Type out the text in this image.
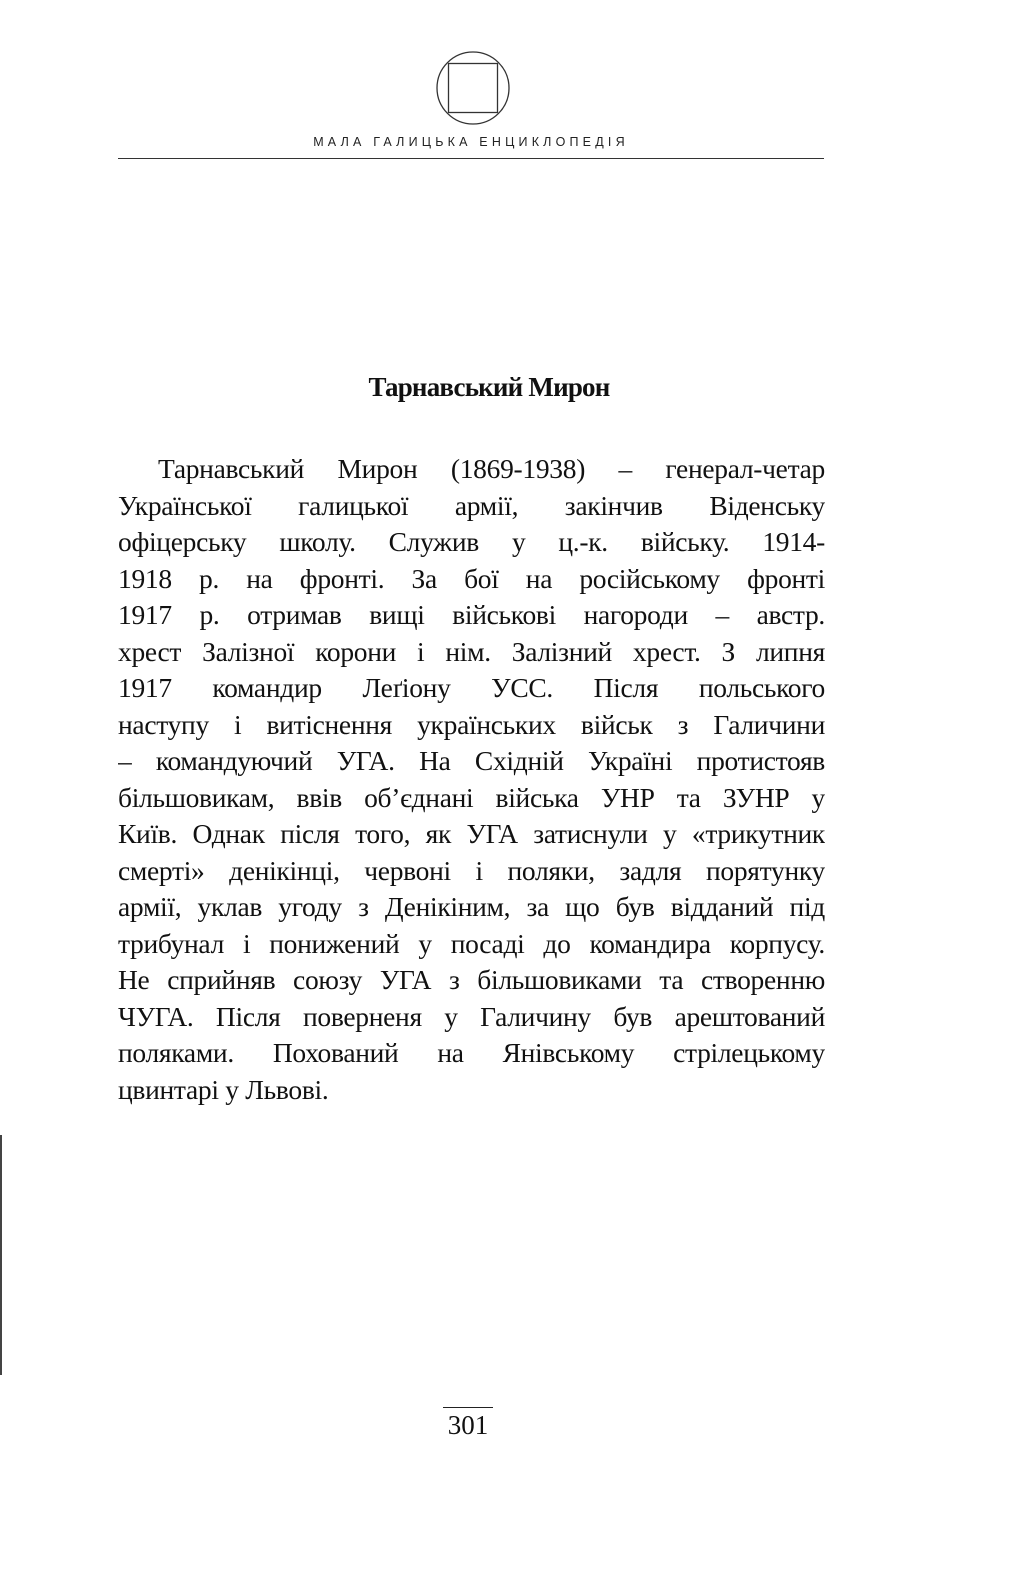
МАЛА ГАЛИЦЬКА ЕНЦИКЛОПЕДІЯ
Тарнавський Мирон
Тарнавський Мирон (1869-1938) – генерал-четар
Української галицької армії, закінчив Віденську
офіцерську школу. Служив у ц.-к. війську. 1914-
1918 р. на фронті. За бої на російському фронті
1917 р. отримав вищі військові нагороди – австр.
хрест Залізної корони і нім. Залізний хрест. З липня
1917 командир Леґіону УСС. Після польського
наступу і витіснення українських військ з Галичини
– командуючий УГА. На Східній Україні протистояв
більшовикам, ввів об’єднані війська УНР та ЗУНР у
Київ. Однак після того, як УГА затиснули у «трикутник
смерті» денікінці, червоні і поляки, задля порятунку
армії, уклав угоду з Денікіним, за що був відданий під
трибунал і понижений у посаді до командира корпусу.
Не сприйняв союзу УГА з більшовиками та створенню
ЧУГА. Після поверненя у Галичину був арештований
поляками. Похований на Янівському стрілецькому
цвинтарі у Львові.
301
